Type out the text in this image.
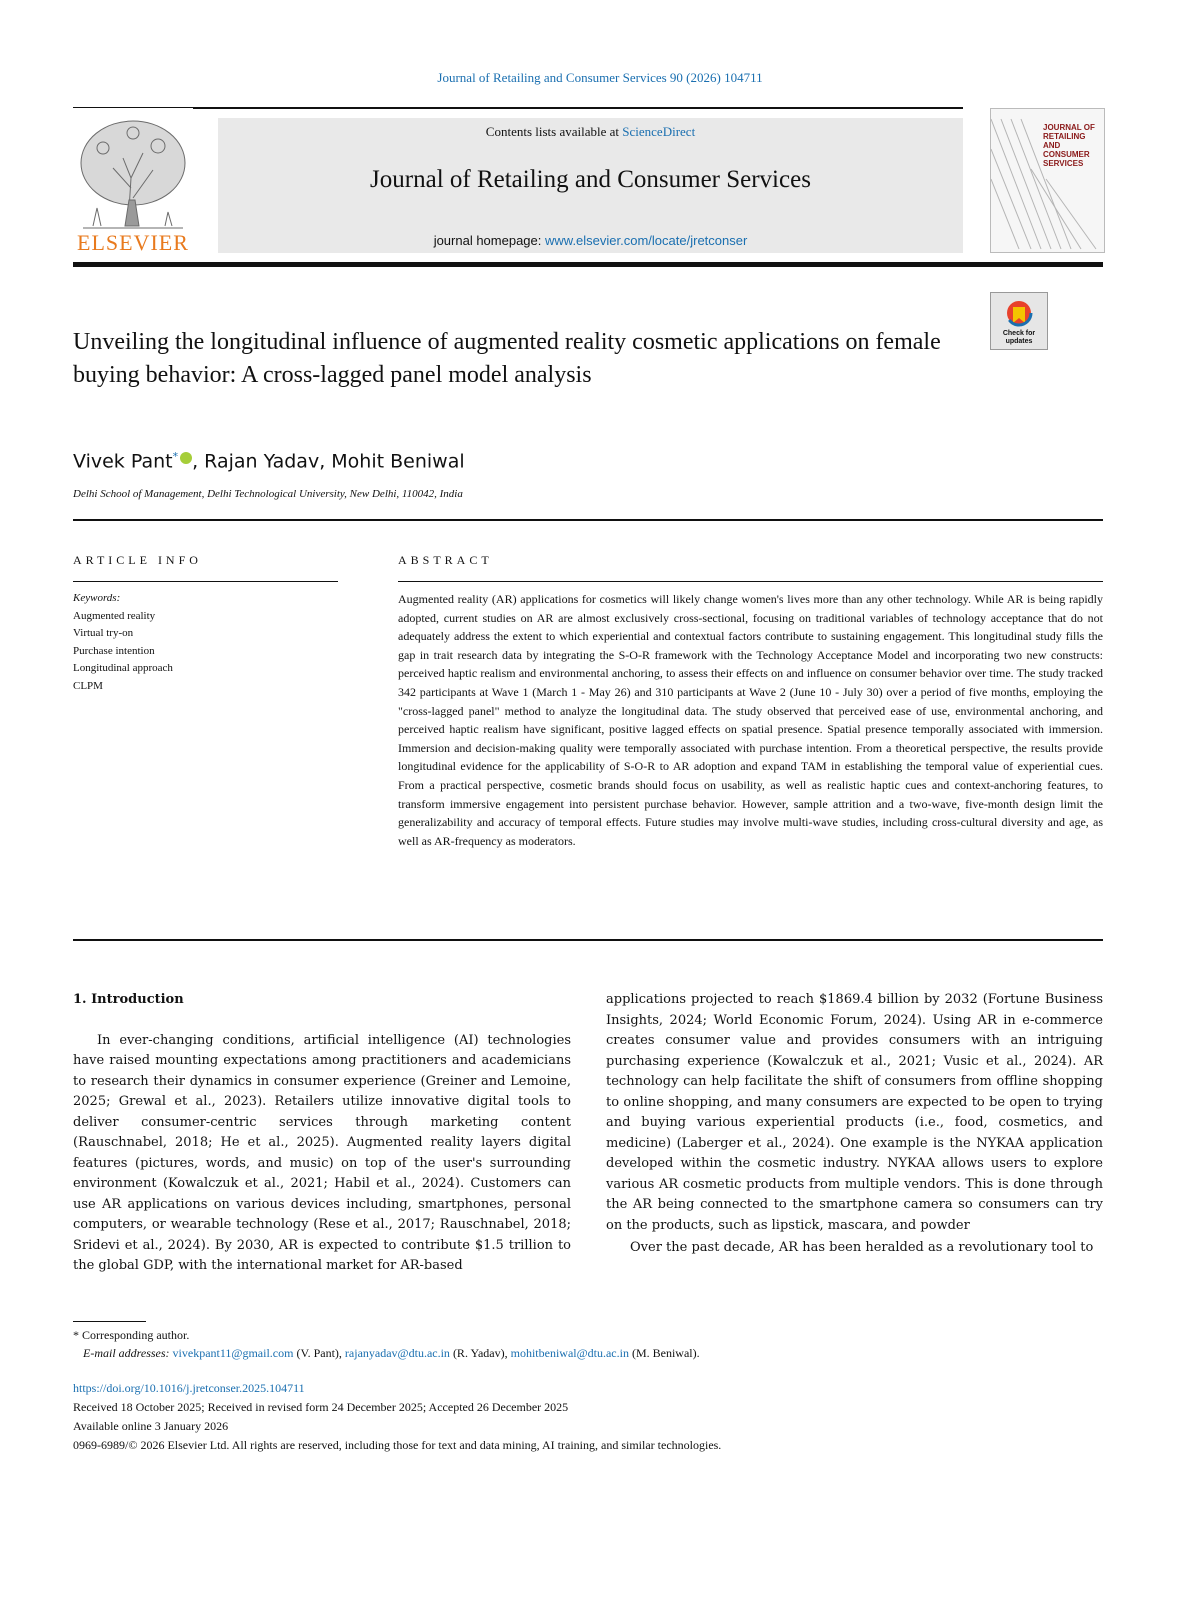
Journal of Retailing and Consumer Services 90 (2026) 104711
ELSEVIER
Contents lists available at ScienceDirect
Journal of Retailing and Consumer Services
journal homepage: www.elsevier.com/locate/jretconser
JOURNAL OF RETAILING AND CONSUMER SERVICES
Check for updates
Unveiling the longitudinal influence of augmented reality cosmetic applications on female buying behavior: A cross-lagged panel model analysis
Vivek Pant* , Rajan Yadav, Mohit Beniwal
Delhi School of Management, Delhi Technological University, New Delhi, 110042, India
ARTICLE INFO
Keywords:
Augmented reality
Virtual try-on
Purchase intention
Longitudinal approach
CLPM
ABSTRACT
Augmented reality (AR) applications for cosmetics will likely change women's lives more than any other technology. While AR is being rapidly adopted, current studies on AR are almost exclusively cross-sectional, focusing on traditional variables of technology acceptance that do not adequately address the extent to which experiential and contextual factors contribute to sustaining engagement. This longitudinal study fills the gap in trait research data by integrating the S-O-R framework with the Technology Acceptance Model and incorporating two new constructs: perceived haptic realism and environmental anchoring, to assess their effects on and influence on consumer behavior over time. The study tracked 342 participants at Wave 1 (March 1 - May 26) and 310 participants at Wave 2 (June 10 - July 30) over a period of five months, employing the "cross-lagged panel" method to analyze the longitudinal data. The study observed that perceived ease of use, environmental anchoring, and perceived haptic realism have significant, positive lagged effects on spatial presence. Spatial presence temporally associated with immersion. Immersion and decision-making quality were temporally associated with purchase intention. From a theoretical perspective, the results provide longitudinal evidence for the applicability of S-O-R to AR adoption and expand TAM in establishing the temporal value of experiential cues. From a practical perspective, cosmetic brands should focus on usability, as well as realistic haptic cues and context-anchoring features, to transform immersive engagement into persistent purchase behavior. However, sample attrition and a two-wave, five-month design limit the generalizability and accuracy of temporal effects. Future studies may involve multi-wave studies, including cross-cultural diversity and age, as well as AR-frequency as moderators.
1. Introduction

In ever-changing conditions, artificial intelligence (AI) technologies have raised mounting expectations among practitioners and academicians to research their dynamics in consumer experience (Greiner and Lemoine, 2025; Grewal et al., 2023). Retailers utilize innovative digital tools to deliver consumer-centric services through marketing content (Rauschnabel, 2018; He et al., 2025). Augmented reality layers digital features (pictures, words, and music) on top of the user's surrounding environment (Kowalczuk et al., 2021; Habil et al., 2024). Customers can use AR applications on various devices including, smartphones, personal computers, or wearable technology (Rese et al., 2017; Rauschnabel, 2018; Sridevi et al., 2024). By 2030, AR is expected to contribute $1.5 trillion to the global GDP, with the international market for AR-based

applications projected to reach $1869.4 billion by 2032 (Fortune Business Insights, 2024; World Economic Forum, 2024). Using AR in e-commerce creates consumer value and provides consumers with an intriguing purchasing experience (Kowalczuk et al., 2021; Vusic et al., 2024). AR technology can help facilitate the shift of consumers from offline shopping to online shopping, and many consumers are expected to be open to trying and buying various experiential products (i.e., food, cosmetics, and medicine) (Laberger et al., 2024). One example is the NYKAA application developed within the cosmetic industry. NYKAA allows users to explore various AR cosmetic products from multiple vendors. This is done through the AR being connected to the smartphone camera so consumers can try on the products, such as lipstick, mascara, and powder

Over the past decade, AR has been heralded as a revolutionary tool to

* Corresponding author.
E-mail addresses: vivekpant11@gmail.com (V. Pant), rajanyadav@dtu.ac.in (R. Yadav), mohitbeniwal@dtu.ac.in (M. Beniwal).
https://doi.org/10.1016/j.jretconser.2025.104711
Received 18 October 2025; Received in revised form 24 December 2025; Accepted 26 December 2025
Available online 3 January 2026
0969-6989/© 2026 Elsevier Ltd. All rights are reserved, including those for text and data mining, AI training, and similar technologies.
